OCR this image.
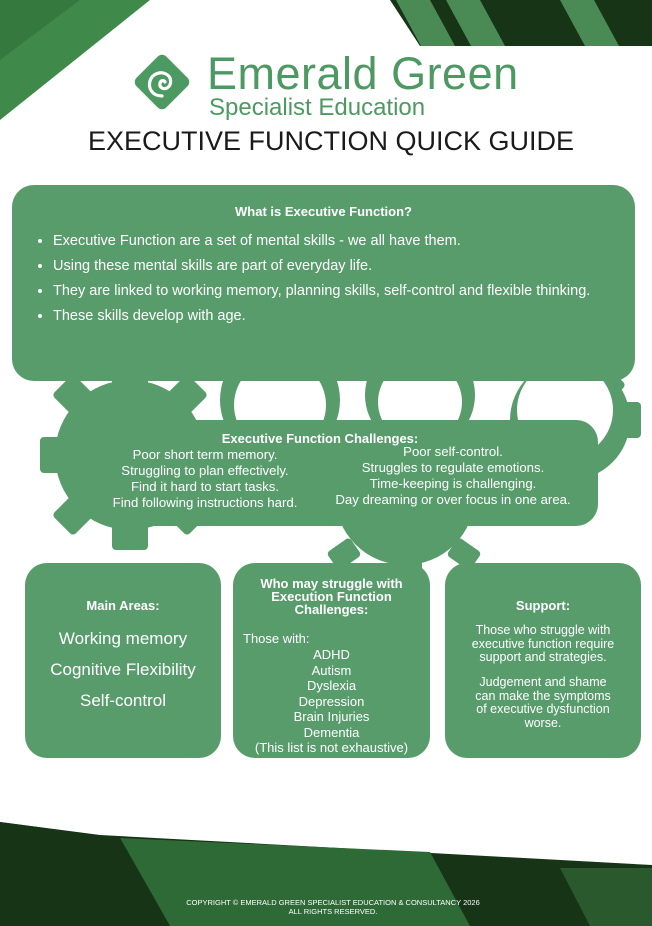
Emerald Green
Specialist Education
EXECUTIVE FUNCTION QUICK GUIDE
What is Executive Function?
• Executive Function are a set of mental skills - we all have them.
• Using these mental skills are part of everyday life.
• They are linked to working memory, planning skills, self-control and flexible thinking.
• These skills develop with age.
Executive Function Challenges:
Poor short term memory.
Struggling to plan effectively.
Find it hard to start tasks.
Find following instructions hard.
Poor self-control.
Struggles to regulate emotions.
Time-keeping is challenging.
Day dreaming or over focus in one area.
Main Areas:
Working memory
Cognitive Flexibility
Self-control
Who may struggle with
Execution Function
Challenges:
Those with:
ADHD
Autism
Dyslexia
Depression
Brain Injuries
Dementia
(This list is not exhaustive)
Support:
Those who struggle with
executive function require
support and strategies.
Judgement and shame
can make the symptoms
of executive dysfunction
worse.
COPYRIGHT © EMERALD GREEN SPECIALIST EDUCATION & CONSULTANCY 2026
ALL RIGHTS RESERVED.
